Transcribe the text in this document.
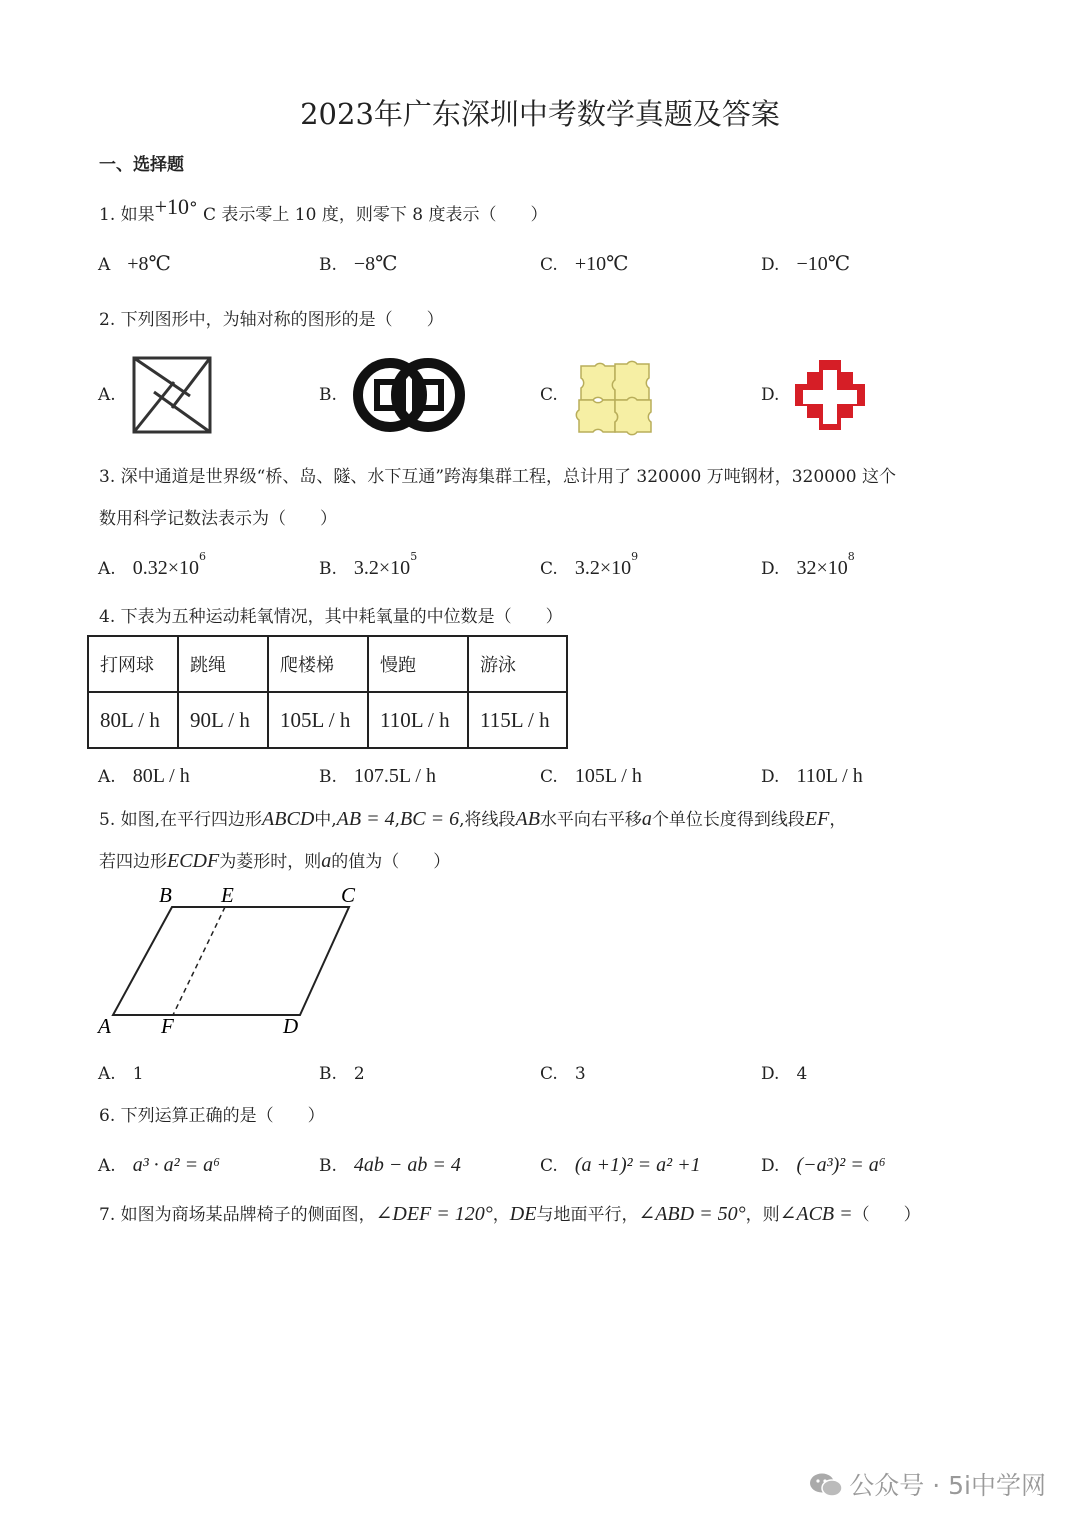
2023年广东深圳中考数学真题及答案
一、选择题
1. 如果+10° C 表示零上 10 度，则零下 8 度表示（　　）
A　 +8℃	B.　 −8℃	C.　 +10℃	D.　 −10℃
2. 下列图形中，为轴对称的图形的是（　　）
A.	B.	C.	D.
3. 深中通道是世界级“桥、岛、隧、水下互通”跨海集群工程，总计用了 320000 万吨钢材，320000 这个
数用科学记数法表示为（　　）
A.　 $0.32\times 10^6$
B.　 $3.2\times 10^5$
C.　 $3.2\times 10^9$
D.　 $32\times 10^8$
4. 下表为五种运动耗氧情况，其中耗氧量的中位数是（　　）
打网球	跳绳	爬楼梯	慢跑	游泳
80L / h	90L / h	105L / h	110L / h	115L / h
A.　 80L / h	B.　 107.5L / h	C.　 105L / h	D.　 110L / h
5. 如图,在平行四边形ABCD中,AB = 4,BC = 6,将线段AB水平向右平移a个单位长度得到线段EF，
若四边形ECDF为菱形时，则a的值为（　　）
B E	C
A F	D
A.　 1	B.　 2	C.　 3	D.　 4
6. 下列运算正确的是（　　）
A.　 a³ · a² = a⁶	B.　 4ab − ab = 4	C.　 (a +1)² = a² +1	D.　 (−a³)² = a⁶
7. 如图为商场某品牌椅子的侧面图，∠DEF = 120°，DE与地面平行，∠ABD = 50°，则∠ACB =（　　）
公众号 · 5i中学网
